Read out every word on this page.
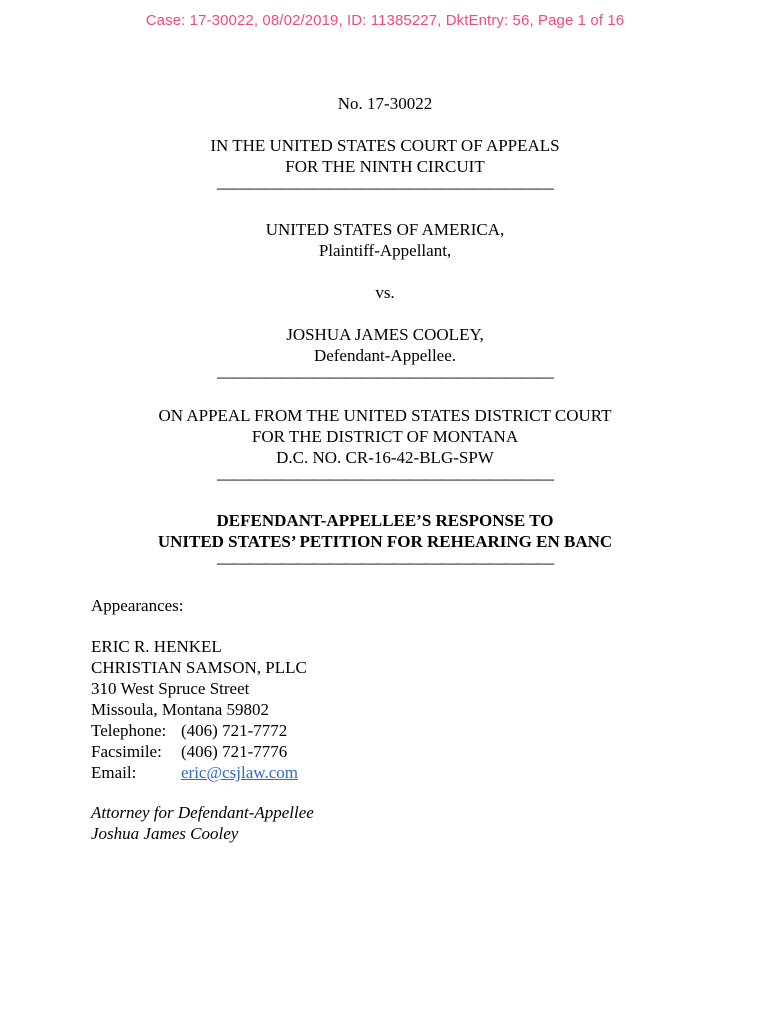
Case: 17-30022, 08/02/2019, ID: 11385227, DktEntry: 56, Page 1 of 16
No. 17-30022
IN THE UNITED STATES COURT OF APPEALS
FOR THE NINTH CIRCUIT
—————————————————————
UNITED STATES OF AMERICA,
Plaintiff-Appellant,
vs.
JOSHUA JAMES COOLEY,
Defendant-Appellee.
—————————————————————
ON APPEAL FROM THE UNITED STATES DISTRICT COURT
FOR THE DISTRICT OF MONTANA
D.C. NO. CR-16-42-BLG-SPW
—————————————————————
DEFENDANT-APPELLEE’S RESPONSE TO
UNITED STATES’ PETITION FOR REHEARING EN BANC
—————————————————————
Appearances:
ERIC R. HENKEL
CHRISTIAN SAMSON, PLLC
310 West Spruce Street
Missoula, Montana 59802
Telephone: (406) 721-7772
Facsimile:	(406) 721-7776
Email:	eric@csjlaw.com
Attorney for Defendant-Appellee
Joshua James Cooley
